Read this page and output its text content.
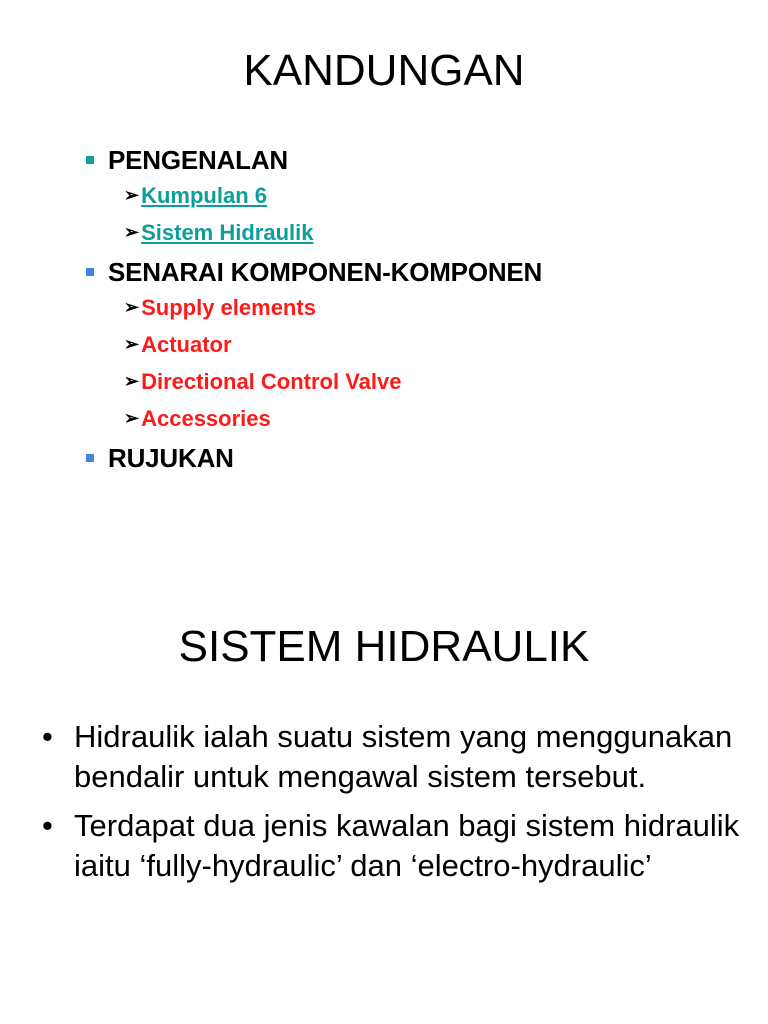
KANDUNGAN
PENGENALAN
➢ Kumpulan 6
➢ Sistem Hidraulik
SENARAI KOMPONEN-KOMPONEN
➢ Supply elements
➢ Actuator
➢ Directional Control Valve
➢ Accessories
RUJUKAN
SISTEM HIDRAULIK
• Hidraulik ialah suatu sistem yang menggunakan bendalir untuk mengawal sistem tersebut.
• Terdapat dua jenis kawalan bagi sistem hidraulik iaitu ‘fully-hydraulic’ dan ‘electro-hydraulic’
